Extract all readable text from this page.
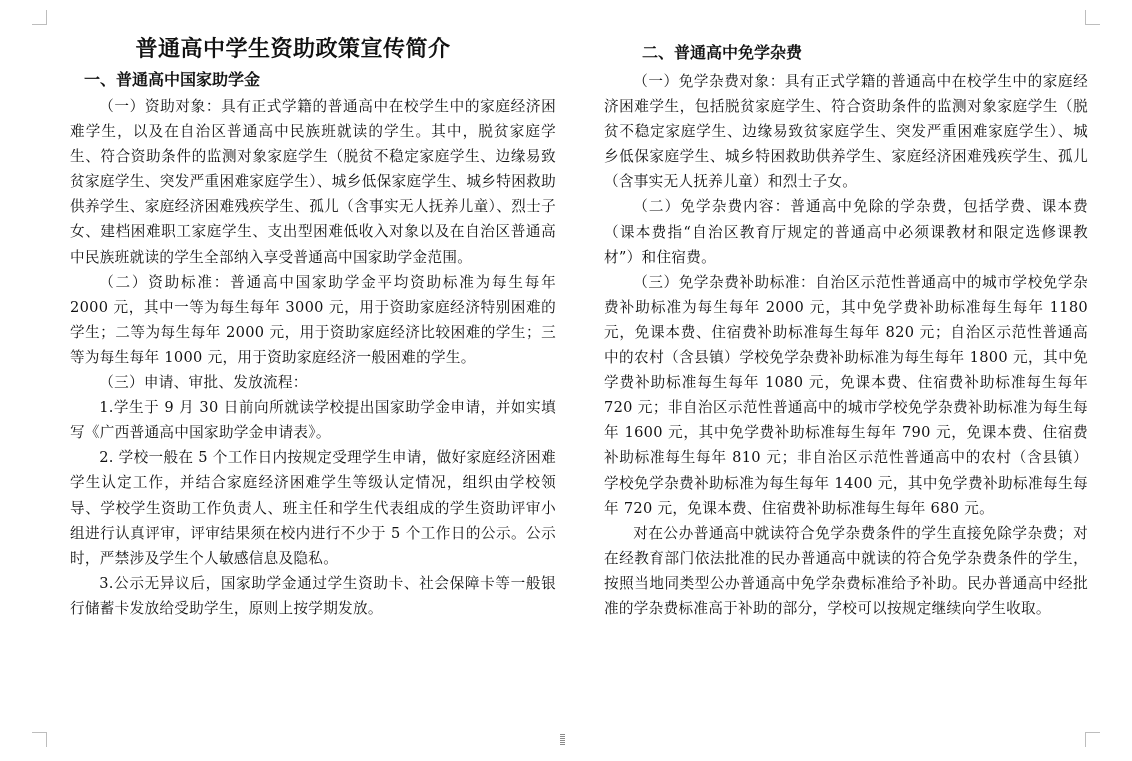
普通高中学生资助政策宣传简介
一、普通高中国家助学金

（一）资助对象：具有正式学籍的普通高中在校学生中的家庭经济困难学生，以及在自治区普通高中民族班就读的学生。其中，脱贫家庭学生、符合资助条件的监测对象家庭学生（脱贫不稳定家庭学生、边缘易致贫家庭学生、突发严重困难家庭学生）、城乡低保家庭学生、城乡特困救助供养学生、家庭经济困难残疾学生、孤儿（含事实无人抚养儿童）、烈士子女、建档困难职工家庭学生、支出型困难低收入对象以及在自治区普通高中民族班就读的学生全部纳入享受普通高中国家助学金范围。

（二）资助标准：普通高中国家助学金平均资助标准为每生每年 2000 元，其中一等为每生每年 3000 元，用于资助家庭经济特别困难的学生；二等为每生每年 2000 元，用于资助家庭经济比较困难的学生；三等为每生每年 1000 元，用于资助家庭经济一般困难的学生。

（三）申请、审批、发放流程：

1.学生于 9 月 30 日前向所就读学校提出国家助学金申请，并如实填写《广西普通高中国家助学金申请表》。

2. 学校一般在 5 个工作日内按规定受理学生申请，做好家庭经济困难学生认定工作，并结合家庭经济困难学生等级认定情况，组织由学校领导、学校学生资助工作负责人、班主任和学生代表组成的学生资助评审小组进行认真评审，评审结果须在校内进行不少于 5 个工作日的公示。公示时，严禁涉及学生个人敏感信息及隐私。

3.公示无异议后，国家助学金通过学生资助卡、社会保障卡等一般银行储蓄卡发放给受助学生，原则上按学期发放。

二、普通高中免学杂费

（一）免学杂费对象：具有正式学籍的普通高中在校学生中的家庭经济困难学生，包括脱贫家庭学生、符合资助条件的监测对象家庭学生（脱贫不稳定家庭学生、边缘易致贫家庭学生、突发严重困难家庭学生）、城乡低保家庭学生、城乡特困救助供养学生、家庭经济困难残疾学生、孤儿（含事实无人抚养儿童）和烈士子女。

（二）免学杂费内容：普通高中免除的学杂费，包括学费、课本费（课本费指“自治区教育厅规定的普通高中必须课教材和限定选修课教材”）和住宿费。

（三）免学杂费补助标准：自治区示范性普通高中的城市学校免学杂费补助标准为每生每年 2000 元，其中免学费补助标准每生每年 1180 元，免课本费、住宿费补助标准每生每年 820 元；自治区示范性普通高中的农村（含县镇）学校免学杂费补助标准为每生每年 1800 元，其中免学费补助标准每生每年 1080 元，免课本费、住宿费补助标准每生每年 720 元；非自治区示范性普通高中的城市学校免学杂费补助标准为每生每年 1600 元，其中免学费补助标准每生每年 790 元，免课本费、住宿费补助标准每生每年 810 元；非自治区示范性普通高中的农村（含县镇）学校免学杂费补助标准为每生每年 1400 元，其中免学费补助标准每生每年 720 元，免课本费、住宿费补助标准每生每年 680 元。

对在公办普通高中就读符合免学杂费条件的学生直接免除学杂费；对在经教育部门依法批准的民办普通高中就读的符合免学杂费条件的学生，按照当地同类型公办普通高中免学杂费标准给予补助。民办普通高中经批准的学杂费标准高于补助的部分，学校可以按规定继续向学生收取。
